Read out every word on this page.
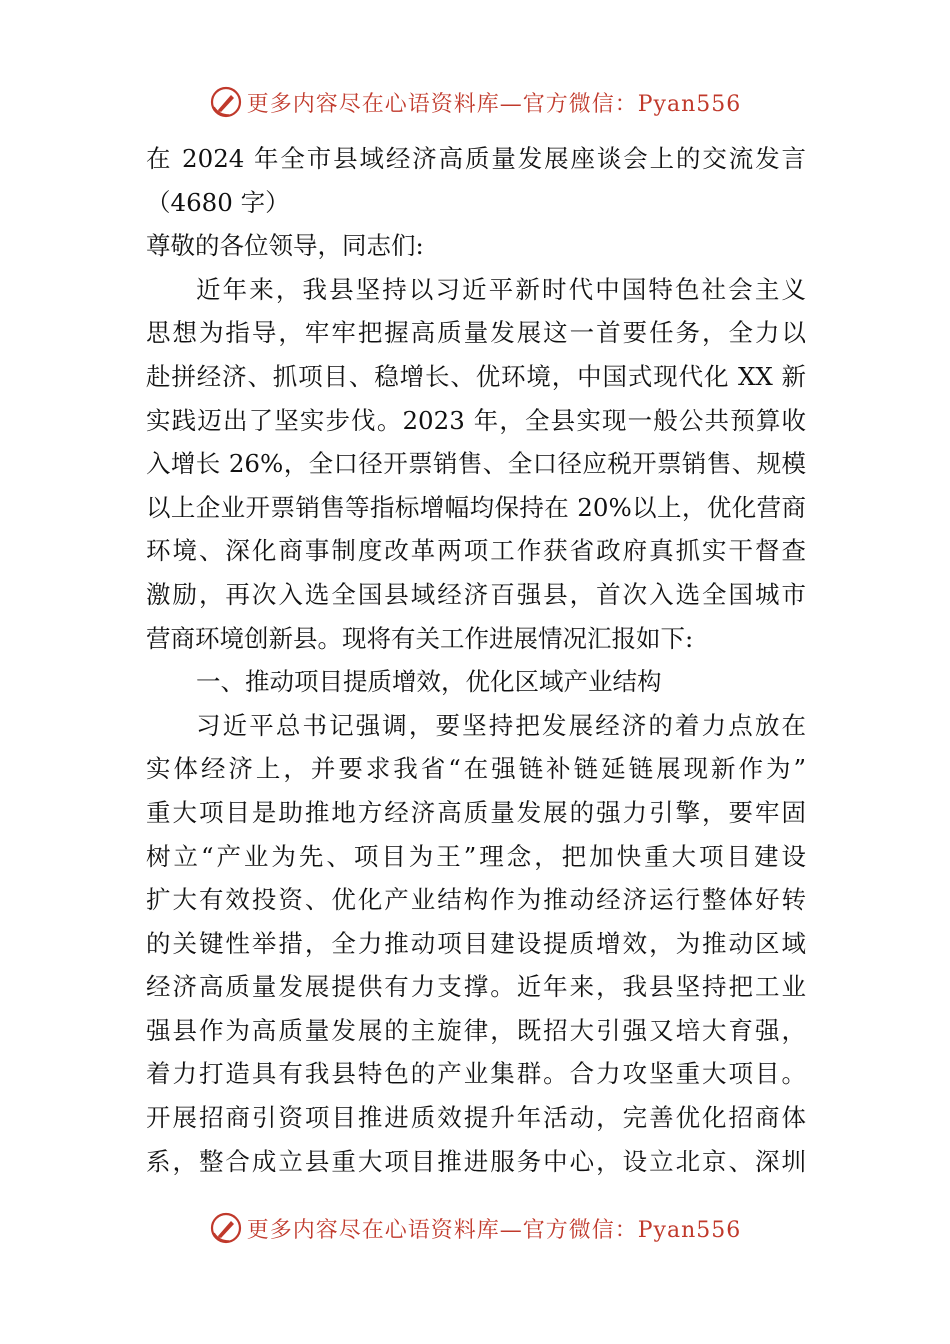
更多内容尽在心语资料库—官方微信：Pyan556
在 2024 年全市县域经济高质量发展座谈会上的交流发言
（4680 字）
尊敬的各位领导，同志们:
近年来，我县坚持以习近平新时代中国特色社会主义
思想为指导，牢牢把握高质量发展这一首要任务，全力以
赴拼经济、抓项目、稳增长、优环境，中国式现代化 XX 新
实践迈出了坚实步伐。2023 年，全县实现一般公共预算收
入增长 26%，全口径开票销售、全口径应税开票销售、规模
以上企业开票销售等指标增幅均保持在 20%以上，优化营商
环境、深化商事制度改革两项工作获省政府真抓实干督查
激励，再次入选全国县域经济百强县，首次入选全国城市
营商环境创新县。现将有关工作进展情况汇报如下:
一、推动项目提质增效，优化区域产业结构
习近平总书记强调，要坚持把发展经济的着力点放在
实体经济上，并要求我省“在强链补链延链展现新作为”
重大项目是助推地方经济高质量发展的强力引擎，要牢固
树立“产业为先、项目为王”理念，把加快重大项目建设
扩大有效投资、优化产业结构作为推动经济运行整体好转
的关键性举措，全力推动项目建设提质增效，为推动区域
经济高质量发展提供有力支撑。近年来，我县坚持把工业
强县作为高质量发展的主旋律，既招大引强又培大育强，
着力打造具有我县特色的产业集群。合力攻坚重大项目。
开展招商引资项目推进质效提升年活动，完善优化招商体
系，整合成立县重大项目推进服务中心，设立北京、深圳
更多内容尽在心语资料库—官方微信：Pyan556
